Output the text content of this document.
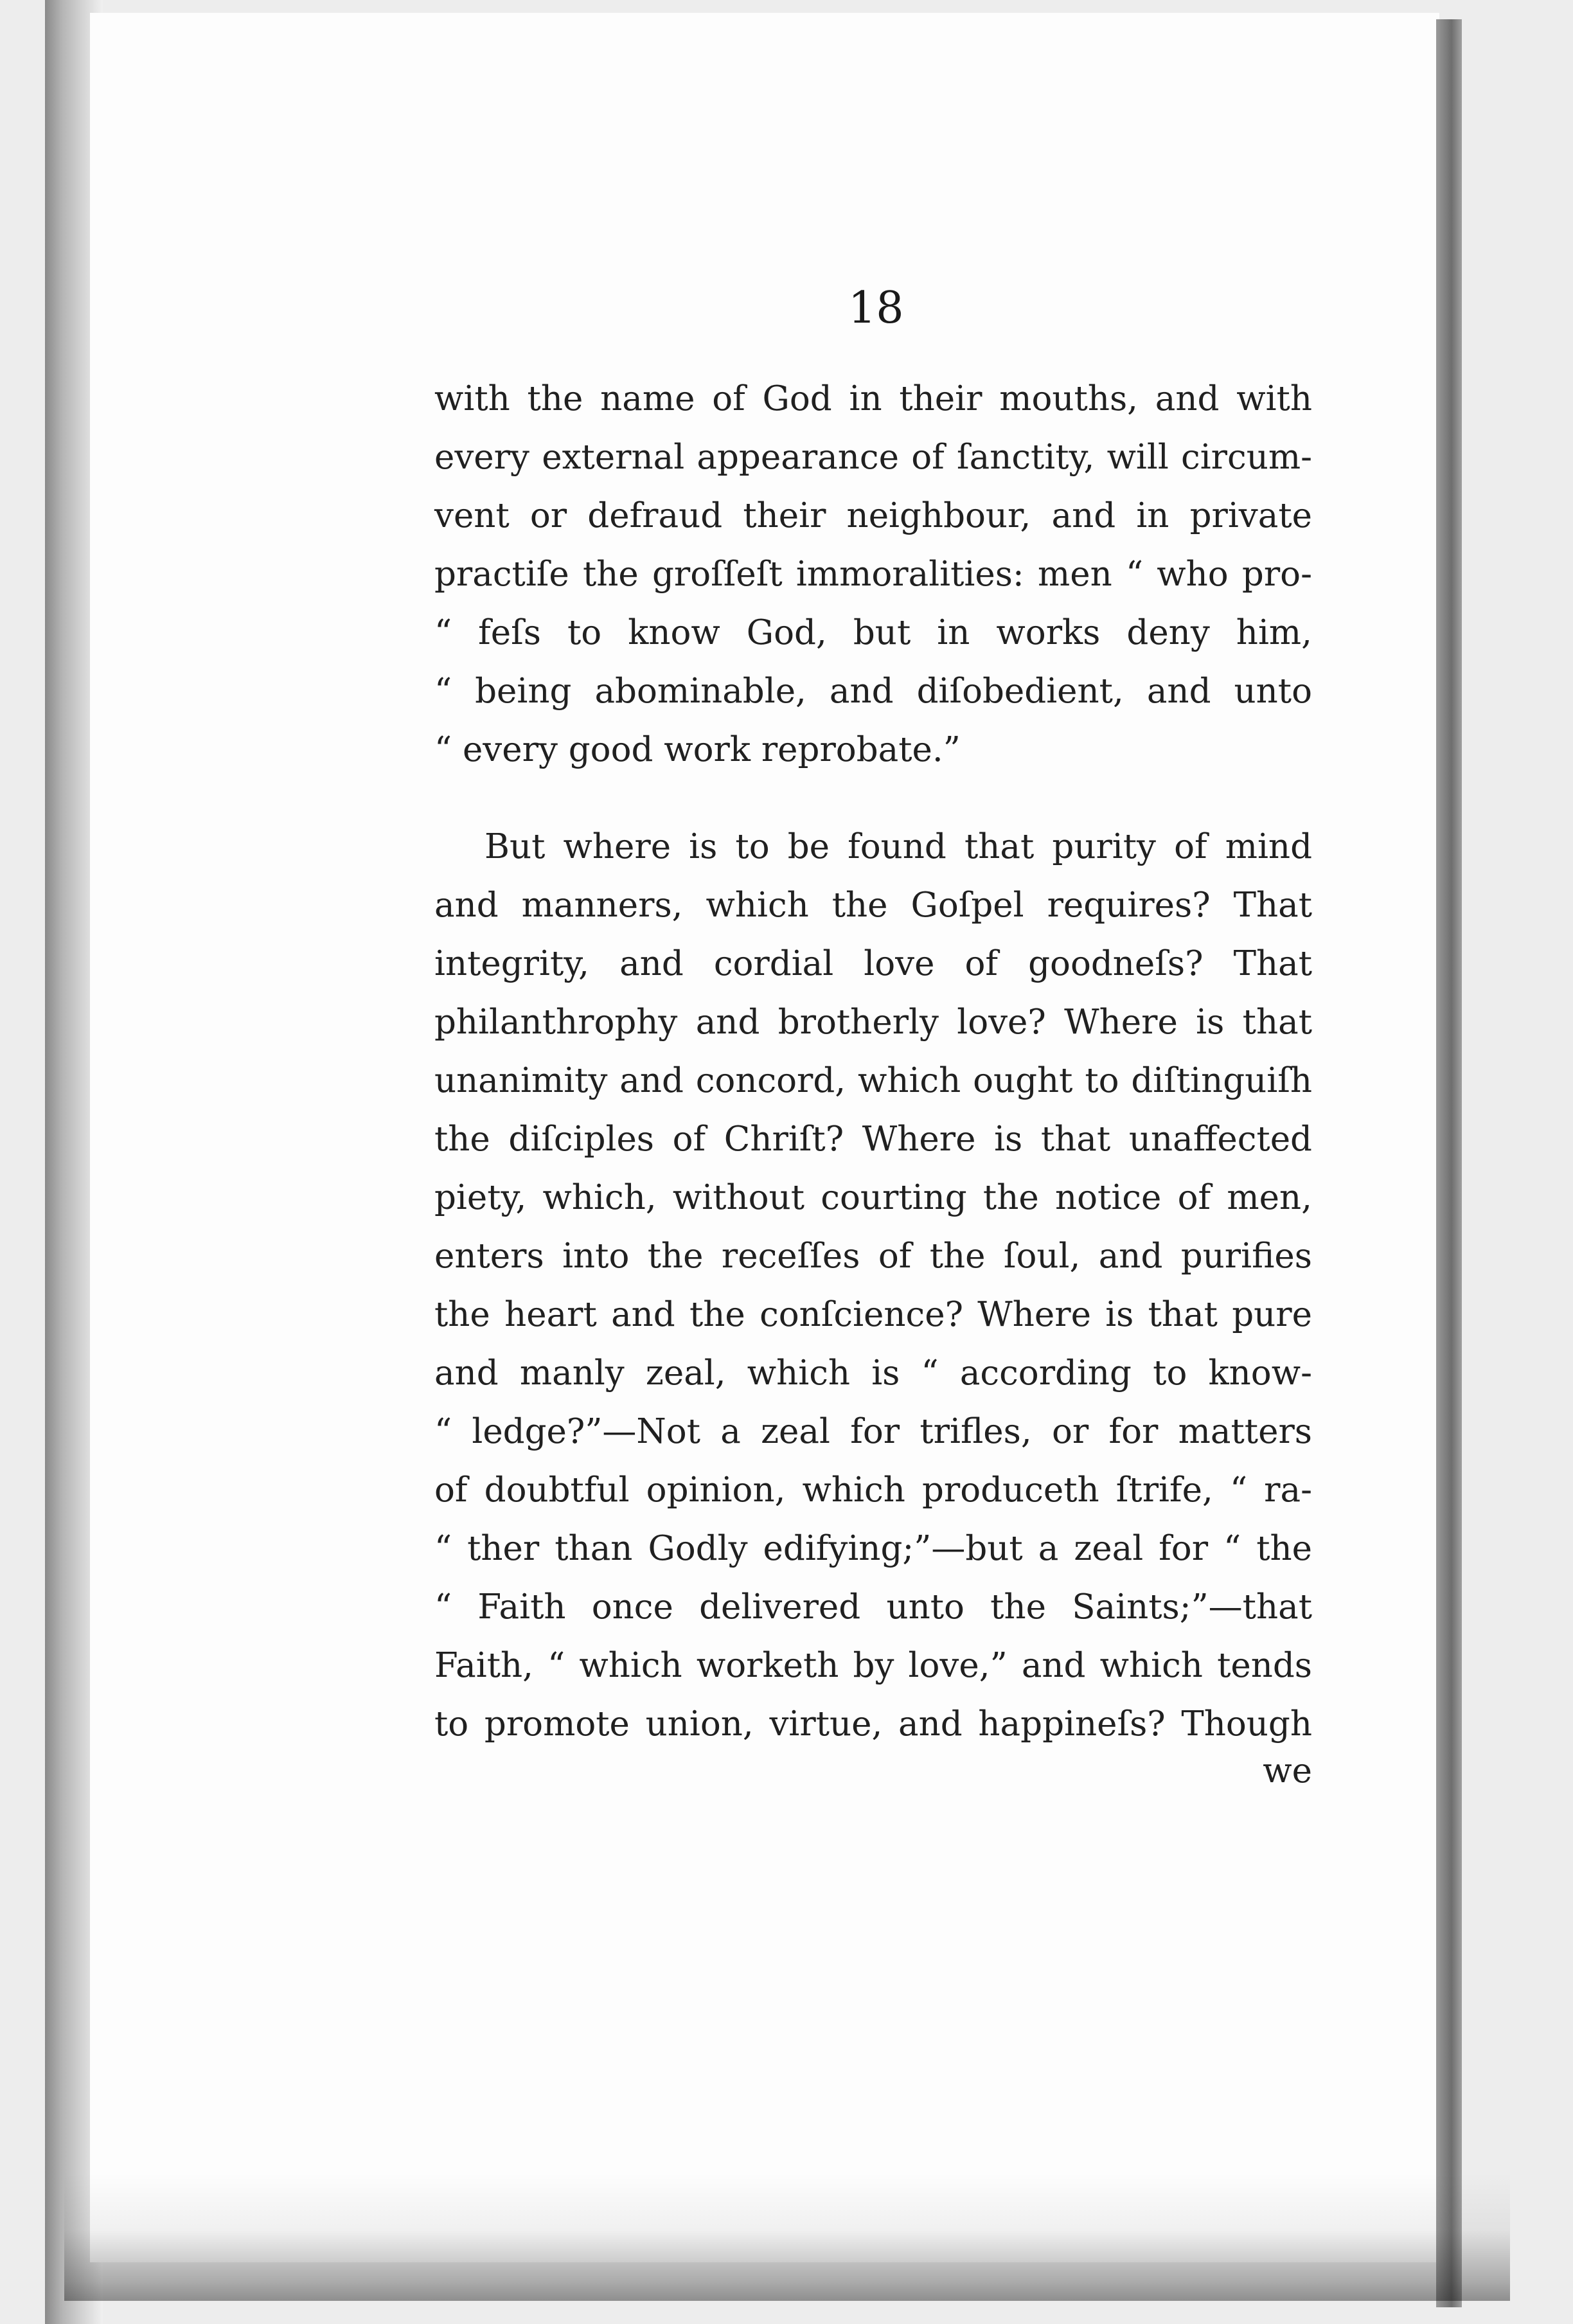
18
with the name of God in their mouths, and with
every external appearance of ſanctity, will circum-
vent or defraud their neighbour, and in private
practiſe the groſſeſt immoralities: men “ who pro-
“ feſs to know God, but in works deny him,
“ being abominable, and diſobedient, and unto
“ every good work reprobate.”
But where is to be found that purity of mind
and manners, which the Goſpel requires? That
integrity, and cordial love of goodneſs? That
philanthrophy and brotherly love? Where is that
unanimity and concord, which ought to diſtinguiſh
the diſciples of Chriſt? Where is that unaffected
piety, which, without courting the notice of men,
enters into the receſſes of the ſoul, and purifies
the heart and the conſcience? Where is that pure
and manly zeal, which is “ according to know-
“ ledge?”—Not a zeal for trifles, or for matters
of doubtful opinion, which produceth ſtrife, “ ra-
“ ther than Godly edifying;”—but a zeal for “ the
“ Faith once delivered unto the Saints;”—that
Faith, “ which worketh by love,” and which tends
to promote union, virtue, and happineſs? Though
we
